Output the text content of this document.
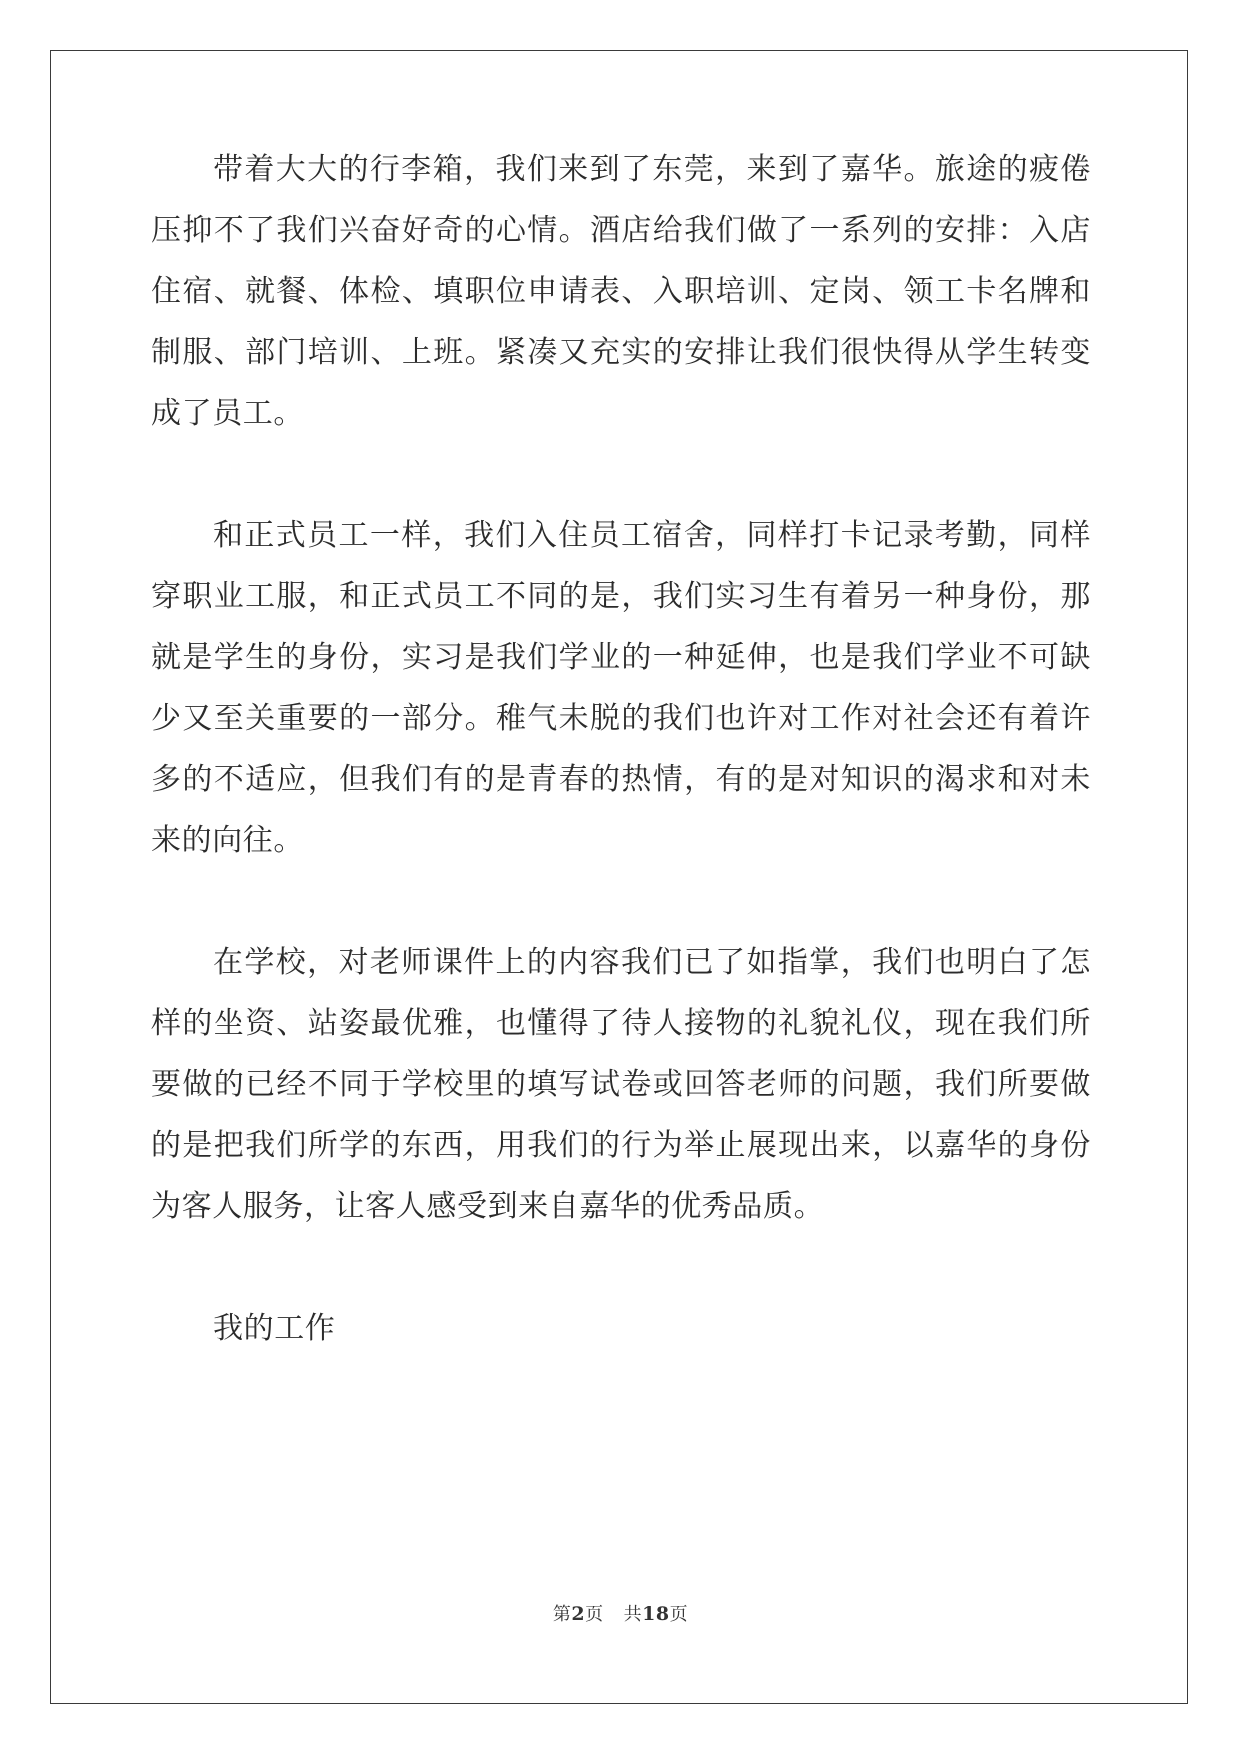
带着大大的行李箱，我们来到了东莞，来到了嘉华。旅途的疲倦压抑不了我们兴奋好奇的心情。酒店给我们做了一系列的安排：入店住宿、就餐、体检、填职位申请表、入职培训、定岗、领工卡名牌和制服、部门培训、上班。紧凑又充实的安排让我们很快得从学生转变成了员工。

和正式员工一样，我们入住员工宿舍，同样打卡记录考勤，同样穿职业工服，和正式员工不同的是，我们实习生有着另一种身份，那就是学生的身份，实习是我们学业的一种延伸，也是我们学业不可缺少又至关重要的一部分。稚气未脱的我们也许对工作对社会还有着许多的不适应，但我们有的是青春的热情，有的是对知识的渴求和对未来的向往。

在学校，对老师课件上的内容我们已了如指掌，我们也明白了怎样的坐资、站姿最优雅，也懂得了待人接物的礼貌礼仪，现在我们所要做的已经不同于学校里的填写试卷或回答老师的问题，我们所要做的是把我们所学的东西，用我们的行为举止展现出来，以嘉华的身份为客人服务，让客人感受到来自嘉华的优秀品质。

我的工作

第2页 共18页
